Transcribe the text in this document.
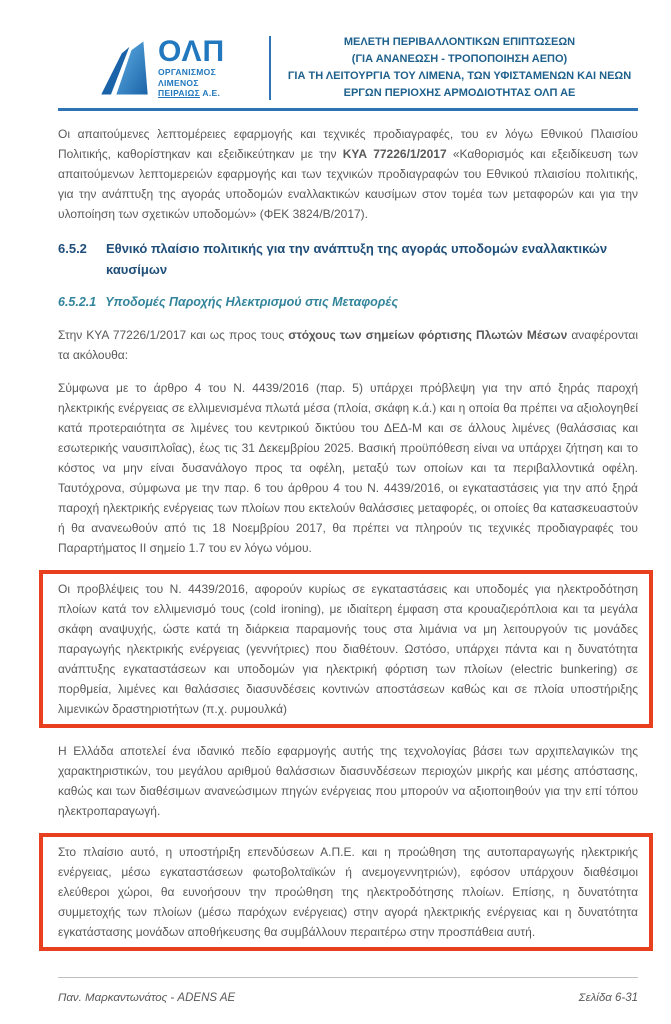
ΟΛΠ
ΟΡΓΑΝΙΣΜΟΣ
ΛΙΜΕΝΟΣ
ΠΕΙΡΑΙΩΣ Α.Ε.
ΜΕΛΕΤΗ ΠΕΡΙΒΑΛΛΟΝΤΙΚΩΝ ΕΠΙΠΤΩΣΕΩΝ
(ΓΙΑ ΑΝΑΝΕΩΣΗ - ΤΡΟΠΟΠΟΙΗΣΗ ΑΕΠΟ)
ΓΙΑ ΤΗ ΛΕΙΤΟΥΡΓΙΑ ΤΟΥ ΛΙΜΕΝΑ, ΤΩΝ ΥΦΙΣΤΑΜΕΝΩΝ ΚΑΙ ΝΕΩΝ
ΕΡΓΩΝ ΠΕΡΙΟΧΗΣ ΑΡΜΟΔΙΟΤΗΤΑΣ ΟΛΠ ΑΕ

Οι απαιτούμενες λεπτομέρειες εφαρμογής και τεχνικές προδιαγραφές, του εν λόγω Εθνικού Πλαισίου Πολιτικής, καθορίστηκαν και εξειδικεύτηκαν με την ΚΥΑ 77226/1/2017 «Καθορισμός και εξειδίκευση των απαιτούμενων λεπτομερειών εφαρμογής και των τεχνικών προδιαγραφών του Εθνικού πλαισίου πολιτικής, για την ανάπτυξη της αγοράς υποδομών εναλλακτικών καυσίμων στον τομέα των μεταφορών και για την υλοποίηση των σχετικών υποδομών» (ΦΕΚ 3824/Β/2017).

6.5.2	Εθνικό πλαίσιο πολιτικής για την ανάπτυξη της αγοράς υποδομών εναλλακτικών καυσίμων
6.5.2.1 Υποδομές Παροχής Ηλεκτρισμού στις Μεταφορές

Στην ΚΥΑ 77226/1/2017 και ως προς τους στόχους των σημείων φόρτισης Πλωτών Μέσων αναφέρονται τα ακόλουθα:

Σύμφωνα με το άρθρο 4 του Ν. 4439/2016 (παρ. 5) υπάρχει πρόβλεψη για την από ξηράς παροχή ηλεκτρικής ενέργειας σε ελλιμενισμένα πλωτά μέσα (πλοία, σκάφη κ.ά.) και η οποία θα πρέπει να αξιολογηθεί κατά προτεραιότητα σε λιμένες του κεντρικού δικτύου του ΔΕΔ-Μ και σε άλλους λιμένες (θαλάσσιας και εσωτερικής ναυσιπλοΐας), έως τις 31 Δεκεμβρίου 2025. Βασική προϋπόθεση είναι να υπάρχει ζήτηση και το κόστος να μην είναι δυσανάλογο προς τα οφέλη, μεταξύ των οποίων και τα περιβαλλοντικά οφέλη. Ταυτόχρονα, σύμφωνα με την παρ. 6 του άρθρου 4 του Ν. 4439/2016, οι εγκαταστάσεις για την από ξηρά παροχή ηλεκτρικής ενέργειας των πλοίων που εκτελούν θαλάσσιες μεταφορές, οι οποίες θα κατασκευαστούν ή θα ανανεωθούν από τις 18 Νοεμβρίου 2017, θα πρέπει να πληρούν τις τεχνικές προδιαγραφές του Παραρτήματος ΙΙ σημείο 1.7 του εν λόγω νόμου.

Οι προβλέψεις του Ν. 4439/2016, αφορούν κυρίως σε εγκαταστάσεις και υποδομές για ηλεκτροδότηση πλοίων κατά τον ελλιμενισμό τους (cold ironing), με ιδιαίτερη έμφαση στα κρουαζιερόπλοια και τα μεγάλα σκάφη αναψυχής, ώστε κατά τη διάρκεια παραμονής τους στα λιμάνια να μη λειτουργούν τις μονάδες παραγωγής ηλεκτρικής ενέργειας (γεννήτριες) που διαθέτουν. Ωστόσο, υπάρχει πάντα και η δυνατότητα ανάπτυξης εγκαταστάσεων και υποδομών για ηλεκτρική φόρτιση των πλοίων (electric bunkering) σε πορθμεία, λιμένες και θαλάσσιες διασυνδέσεις κοντινών αποστάσεων καθώς και σε πλοία υποστήριξης λιμενικών δραστηριοτήτων (π.χ. ρυμουλκά)

Η Ελλάδα αποτελεί ένα ιδανικό πεδίο εφαρμογής αυτής της τεχνολογίας βάσει των αρχιπελαγικών της χαρακτηριστικών, του μεγάλου αριθμού θαλάσσιων διασυνδέσεων περιοχών μικρής και μέσης απόστασης, καθώς και των διαθέσιμων ανανεώσιμων πηγών ενέργειας που μπορούν να αξιοποιηθούν για την επί τόπου ηλεκτροπαραγωγή.

Στο πλαίσιο αυτό, η υποστήριξη επενδύσεων Α.Π.Ε. και η προώθηση της αυτοπαραγωγής ηλεκτρικής ενέργειας, μέσω εγκαταστάσεων φωτοβολταϊκών ή ανεμογεννητριών), εφόσον υπάρχουν διαθέσιμοι ελεύθεροι χώροι, θα ευνοήσουν την προώθηση της ηλεκτροδότησης πλοίων. Επίσης, η δυνατότητα συμμετοχής των πλοίων (μέσω παρόχων ενέργειας) στην αγορά ηλεκτρικής ενέργειας και η δυνατότητα εγκατάστασης μονάδων αποθήκευσης θα συμβάλλουν περαιτέρω στην προσπάθεια αυτή.

Παν. Μαρκαντωνάτος - ADENS AE	Σελίδα 6-31
